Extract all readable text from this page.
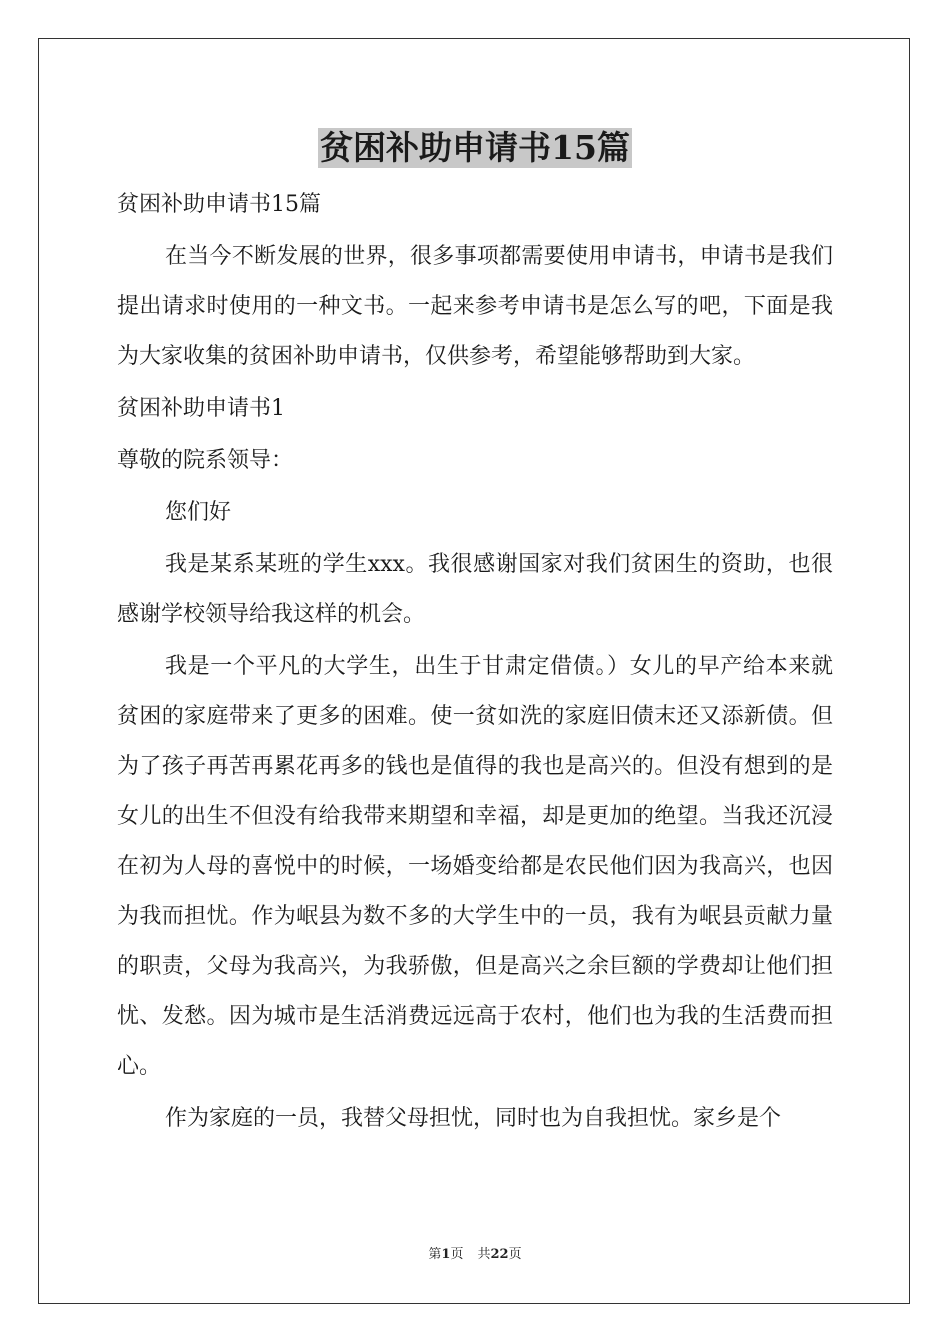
贫困补助申请书15篇

贫困补助申请书15篇

在当今不断发展的世界，很多事项都需要使用申请书，申请书是我们提出请求时使用的一种文书。一起来参考申请书是怎么写的吧，下面是我为大家收集的贫困补助申请书，仅供参考，希望能够帮助到大家。

贫困补助申请书1

尊敬的院系领导：

您们好

我是某系某班的学生xxx。我很感谢国家对我们贫困生的资助，也很感谢学校领导给我这样的机会。

我是一个平凡的大学生，出生于甘肃定借债。）女儿的早产给本来就贫困的家庭带来了更多的困难。使一贫如洗的家庭旧债末还又添新债。但为了孩子再苦再累花再多的钱也是值得的我也是高兴的。但没有想到的是女儿的出生不但没有给我带来期望和幸福，却是更加的绝望。当我还沉浸在初为人母的喜悦中的时候，一场婚变给都是农民他们因为我高兴，也因为我而担忧。作为岷县为数不多的大学生中的一员，我有为岷县贡献力量的职责，父母为我高兴，为我骄傲，但是高兴之余巨额的学费却让他们担忧、发愁。因为城市是生活消费远远高于农村，他们也为我的生活费而担心。

作为家庭的一员，我替父母担忧，同时也为自我担忧。家乡是个

第1页 共22页
